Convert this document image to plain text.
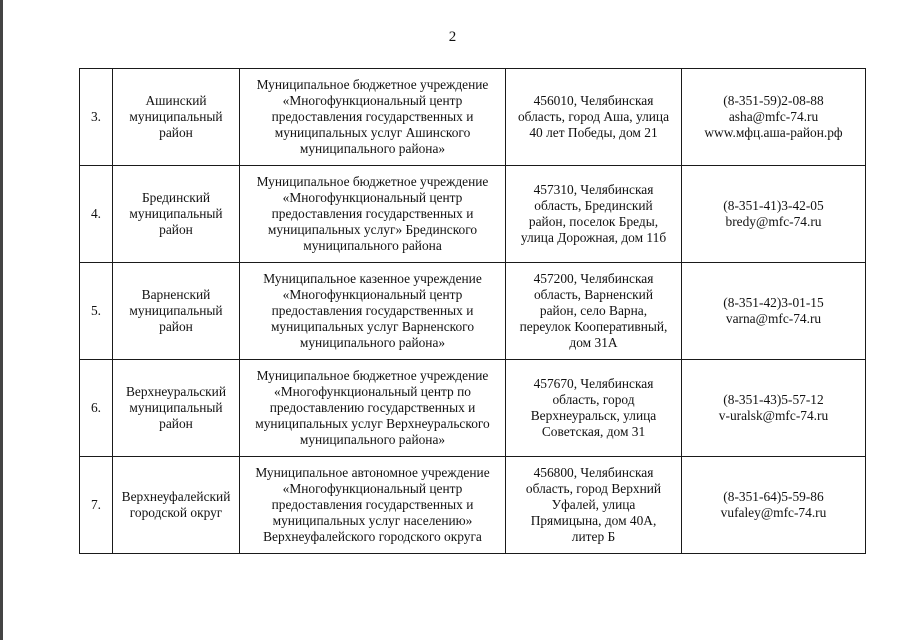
2
3.	Ашинский
муниципальный
район	Муниципальное бюджетное учреждение
«Многофункциональный центр
предоставления государственных и
муниципальных услуг Ашинского
муниципального района»	456010, Челябинская
область, город Аша, улица
40 лет Победы, дом 21	(8-351-59)2-08-88
asha@mfc-74.ru
www.мфц.аша-район.рф

4.	Брединский
муниципальный
район	Муниципальное бюджетное учреждение
«Многофункциональный центр
предоставления государственных и
муниципальных услуг» Брединского
муниципального района	457310, Челябинская
область, Брединский
район, поселок Бреды,
улица Дорожная, дом 11б	(8-351-41)3-42-05
bredy@mfc-74.ru

5.	Варненский
муниципальный
район	Муниципальное казенное учреждение
«Многофункциональный центр
предоставления государственных и
муниципальных услуг Варненского
муниципального района»	457200, Челябинская
область, Варненский
район, село Варна,
переулок Кооперативный,
дом 31А	(8-351-42)3-01-15
varna@mfc-74.ru

6.	Верхнеуральский
муниципальный
район	Муниципальное бюджетное учреждение
«Многофункциональный центр по
предоставлению государственных и
муниципальных услуг Верхнеуральского
муниципального района»	457670, Челябинская
область, город
Верхнеуральск, улица
Советская, дом 31	(8-351-43)5-57-12
v-uralsk@mfc-74.ru

7.	Верхнеуфалейский
городской округ	Муниципальное автономное учреждение
«Многофункциональный центр
предоставления государственных и
муниципальных услуг населению»
Верхнеуфалейского городского округа	456800, Челябинская
область, город Верхний
Уфалей, улица
Прямицына, дом 40А,
литер Б	(8-351-64)5-59-86
vufaley@mfc-74.ru
